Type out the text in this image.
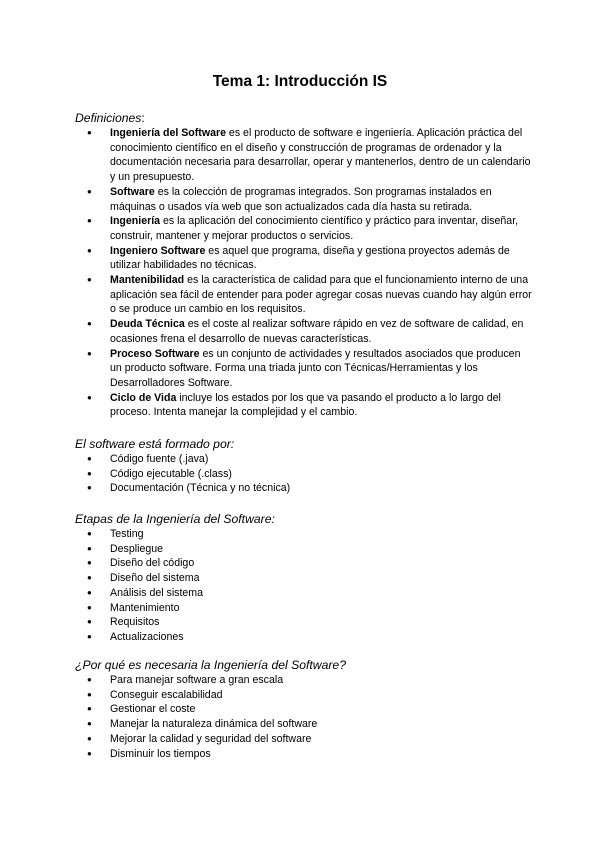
Tema 1: Introducción IS

Definiciones:

● Ingeniería del Software es el producto de software e ingeniería. Aplicación práctica del conocimiento científico en el diseño y construcción de programas de ordenador y la documentación necesaria para desarrollar, operar y mantenerlos, dentro de un calendario y un presupuesto.
● Software es la colección de programas integrados. Son programas instalados en máquinas o usados vía web que son actualizados cada día hasta su retirada.
● Ingeniería es la aplicación del conocimiento científico y práctico para inventar, diseñar, construir, mantener y mejorar productos o servicios.
● Ingeniero Software es aquel que programa, diseña y gestiona proyectos además de utilizar habilidades no técnicas.
● Mantenibilidad es la característica de calidad para que el funcionamiento interno de una aplicación sea fácil de entender para poder agregar cosas nuevas cuando hay algún error o se produce un cambio en los requisitos.
● Deuda Técnica es el coste al realizar software rápido en vez de software de calidad, en ocasiones frena el desarrollo de nuevas características.
● Proceso Software es un conjunto de actividades y resultados asociados que producen un producto software. Forma una triada junto con Técnicas/Herramientas y los Desarrolladores Software.
● Ciclo de Vida incluye los estados por los que va pasando el producto a lo largo del proceso. Intenta manejar la complejidad y el cambio.

El software está formado por:

● Código fuente (.java)
● Código ejecutable (.class)
● Documentación (Técnica y no técnica)

Etapas de la Ingeniería del Software:

● Testing
● Despliegue
● Diseño del código
● Diseño del sistema
● Análisis del sistema
● Mantenimiento
● Requisitos
● Actualizaciones

¿Por qué es necesaria la Ingeniería del Software?

● Para manejar software a gran escala
● Conseguir escalabilidad
● Gestionar el coste
● Manejar la naturaleza dinámica del software
● Mejorar la calidad y seguridad del software
● Disminuir los tiempos
